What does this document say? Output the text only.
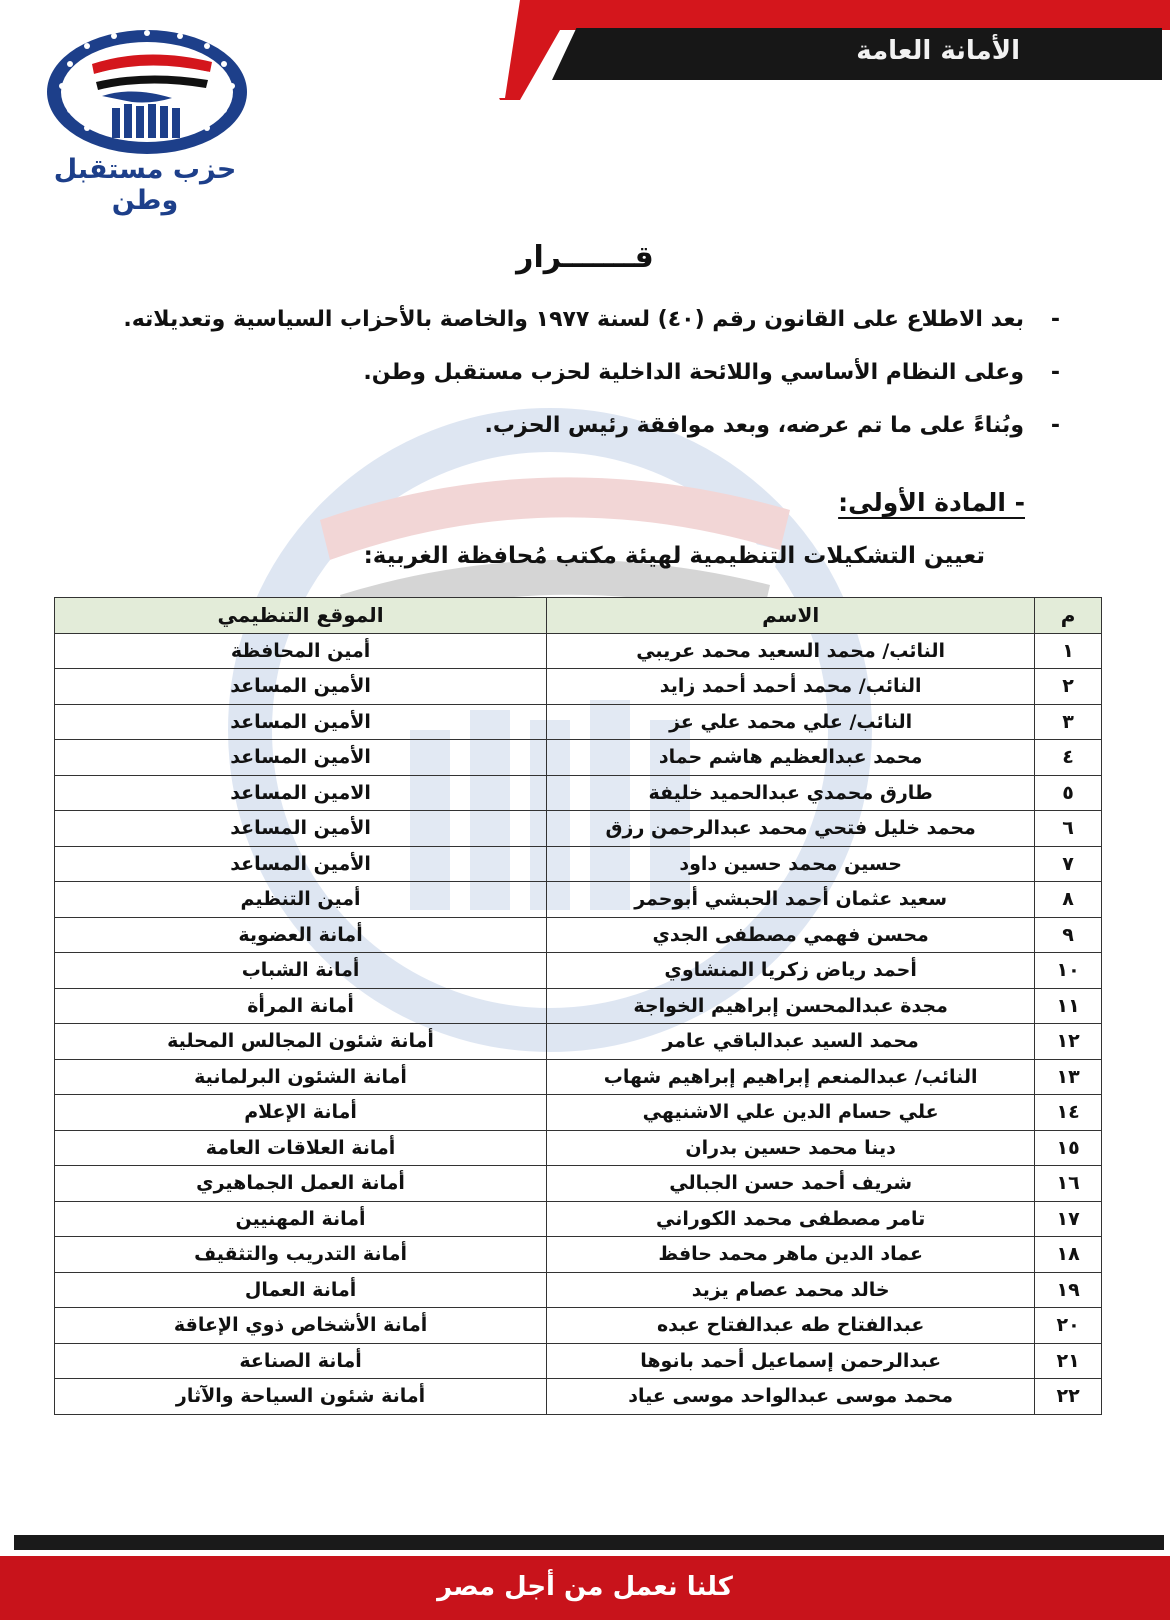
الأمانة العامة
حزب مستقبل وطن
قـــــــرار
-بعد الاطلاع على القانون رقم (٤٠) لسنة ١٩٧٧ والخاصة بالأحزاب السياسية وتعديلاته.
-وعلى النظام الأساسي واللائحة الداخلية لحزب مستقبل وطن.
-وبُناءً على ما تم عرضه، وبعد موافقة رئيس الحزب.
- المادة الأولى:
تعيين التشكيلات التنظيمية لهيئة مكتب مُحافظة الغربية:
م	الاسم	الموقع التنظيمي
١	النائب/ محمد السعيد محمد عريبي	أمين المحافظة
٢	النائب/ محمد أحمد أحمد زايد	الأمين المساعد
٣	النائب/ علي محمد علي عز	الأمين المساعد
٤	محمد عبدالعظيم هاشم حماد	الأمين المساعد
٥	طارق محمدي عبدالحميد خليفة	الامين المساعد
٦	محمد خليل فتحي محمد عبدالرحمن رزق	الأمين المساعد
٧	حسين محمد حسين داود	الأمين المساعد
٨	سعيد عثمان أحمد الحبشي أبوحمر	أمين التنظيم
٩	محسن فهمي مصطفى الجدي	أمانة العضوية
١٠	أحمد رياض زكريا المنشاوي	أمانة الشباب
١١	مجدة عبدالمحسن إبراهيم الخواجة	أمانة المرأة
١٢	محمد السيد عبدالباقي عامر	أمانة شئون المجالس المحلية
١٣	النائب/ عبدالمنعم إبراهيم إبراهيم شهاب	أمانة الشئون البرلمانية
١٤	علي حسام الدين علي الاشنيهي	أمانة الإعلام
١٥	دينا محمد حسين بدران	أمانة العلاقات العامة
١٦	شريف أحمد حسن الجبالي	أمانة العمل الجماهيري
١٧	تامر مصطفى محمد الكوراني	أمانة المهنيين
١٨	عماد الدين ماهر محمد حافظ	أمانة التدريب والتثقيف
١٩	خالد محمد عصام يزيد	أمانة العمال
٢٠	عبدالفتاح طه عبدالفتاح عبده	أمانة الأشخاص ذوي الإعاقة
٢١	عبدالرحمن إسماعيل أحمد بانوها	أمانة الصناعة
٢٢	محمد موسى عبدالواحد موسى عياد	أمانة شئون السياحة والآثار
كلنا نعمل من أجل مصر
